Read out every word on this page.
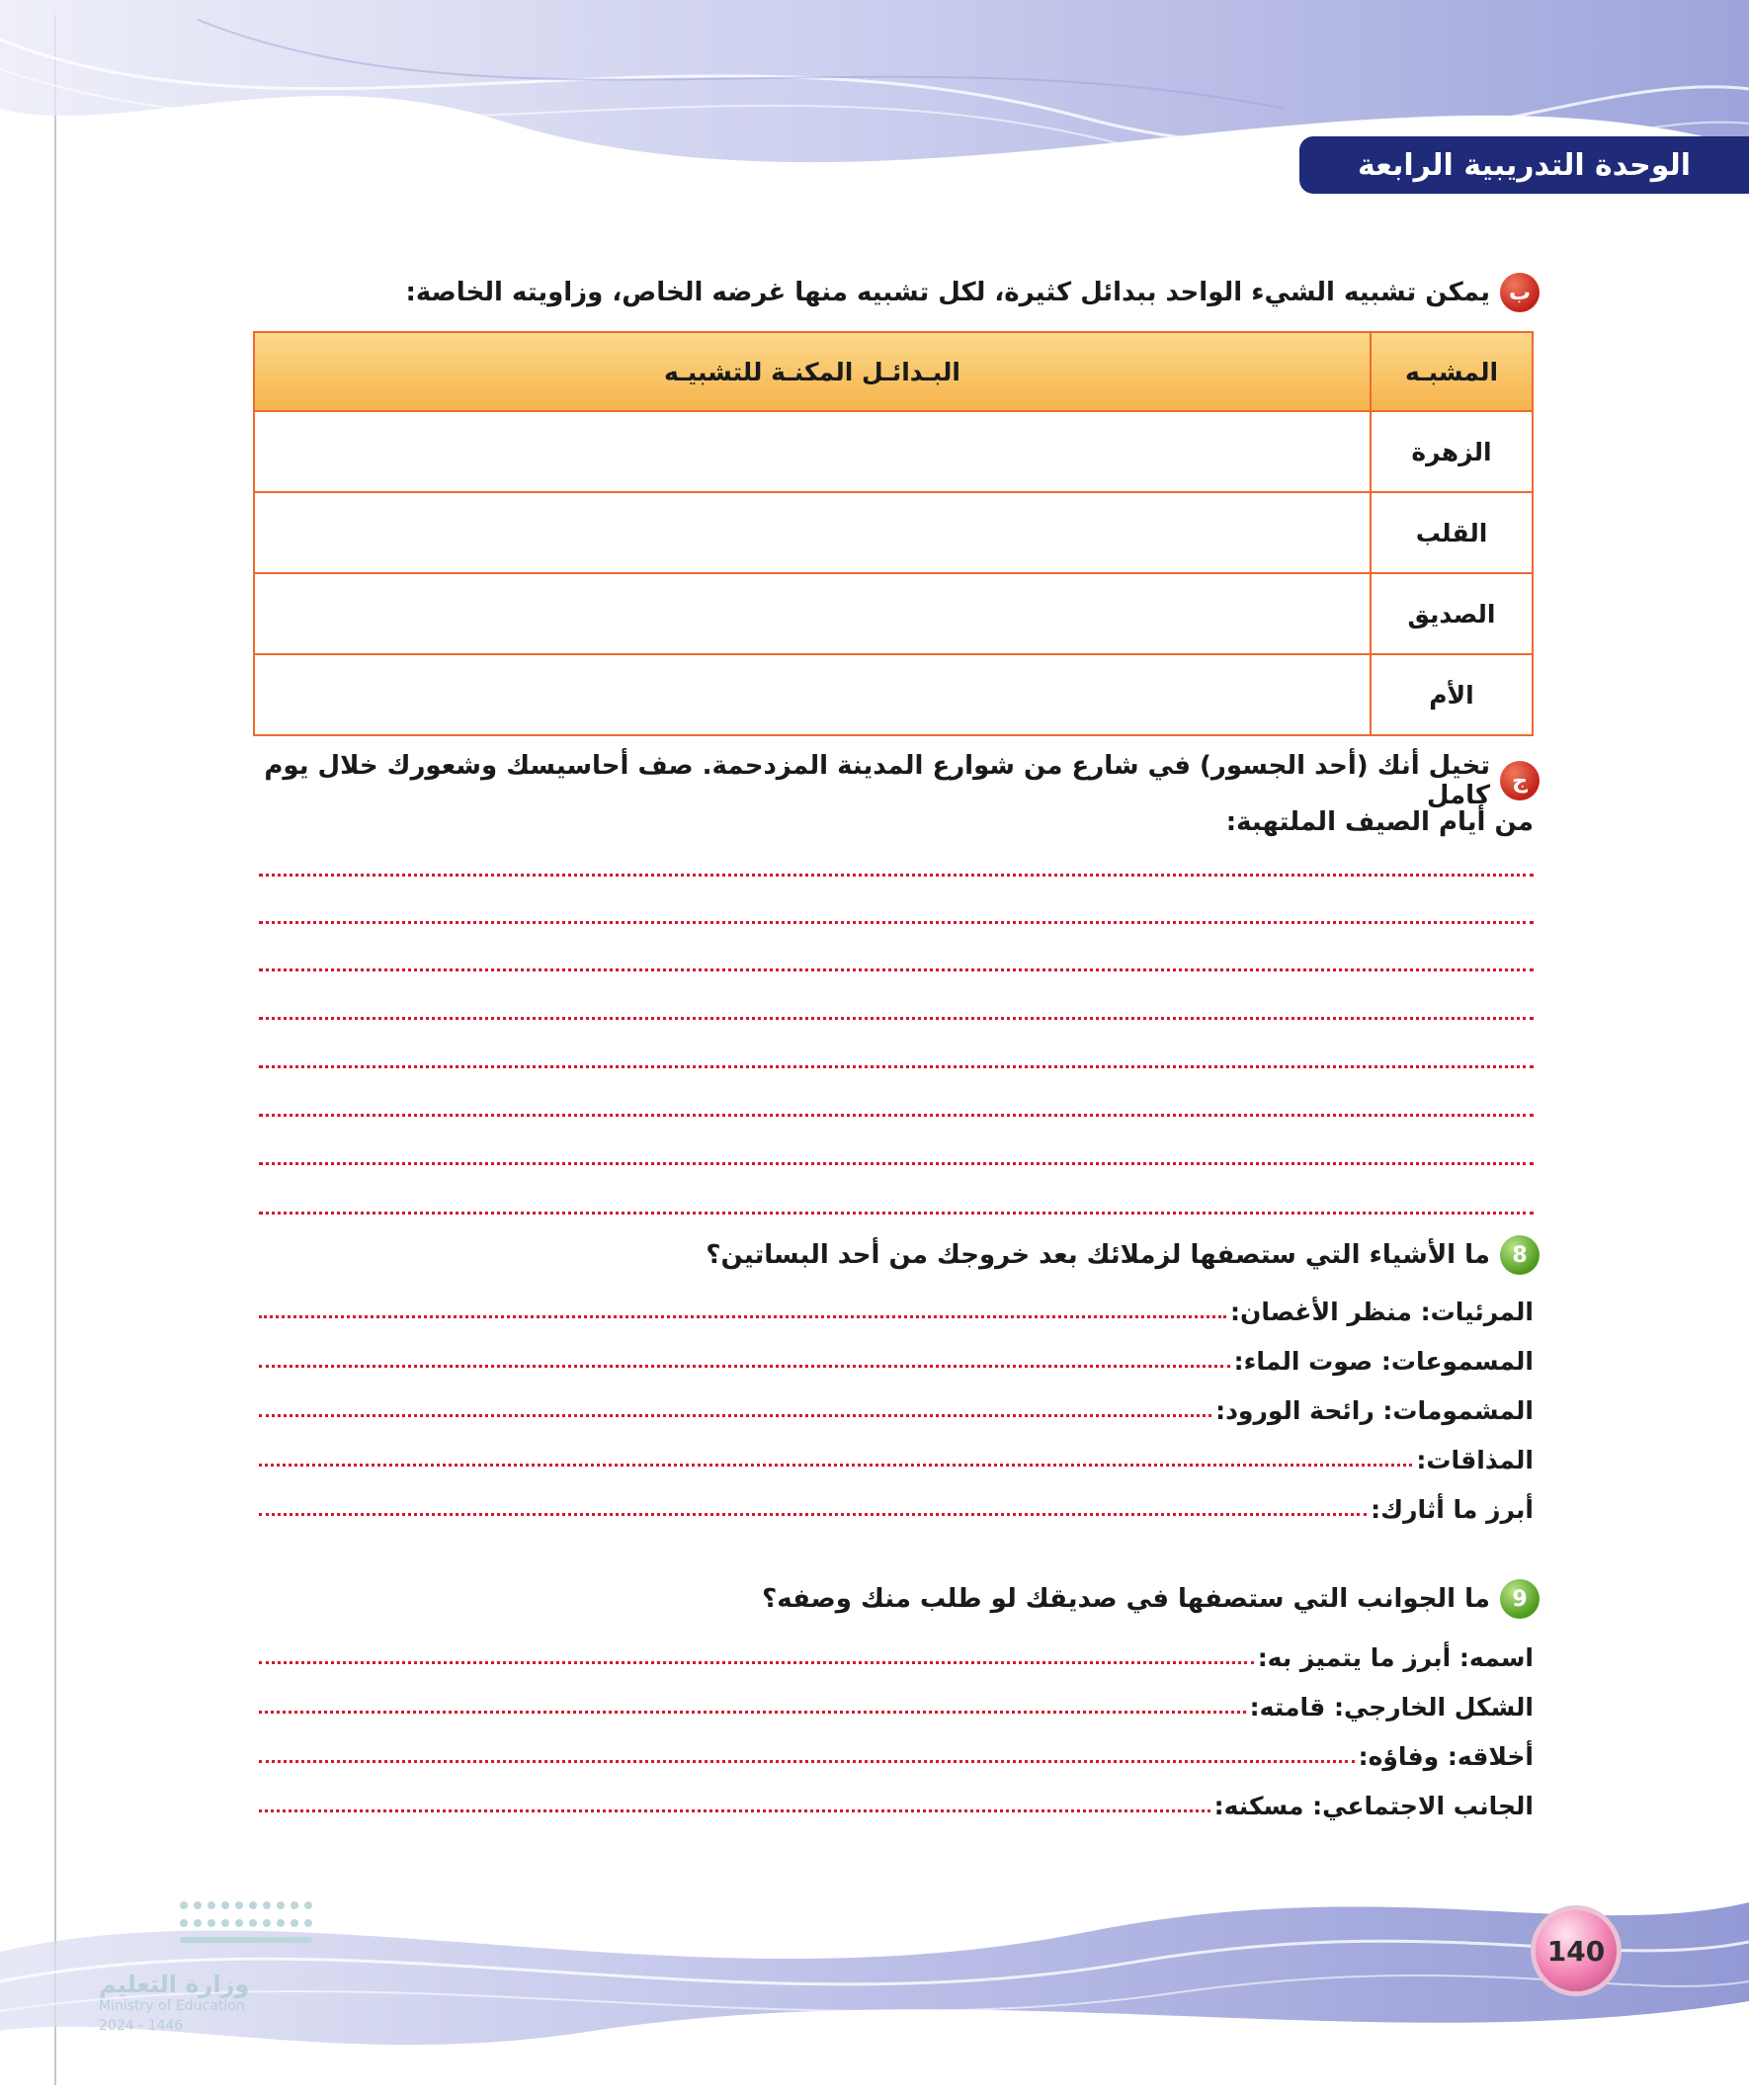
الوحدة التدريبية الرابعة
ب
يمكن تشبيه الشيء الواحد ببدائل كثيرة، لكل تشبيه منها غرضه الخاص، وزاويته الخاصة:
المشبـه	البـدائـل المكنـة للتشبيـه
الزهرة	
القلب	
الصديق	
الأم	
ج
تخيل أنك (أحد الجسور) في شارع من شوارع المدينة المزدحمة. صف أحاسيسك وشعورك خلال يوم كامل
من أيام الصيف الملتهبة:
8
ما الأشياء التي ستصفها لزملائك بعد خروجك من أحد البساتين؟
المرئيات: منظر الأغصان:
المسموعات: صوت الماء:
المشمومات: رائحة الورود:
المذاقات:
أبرز ما أثارك:
9
ما الجوانب التي ستصفها في صديقك لو طلب منك وصفه؟
اسمه: أبرز ما يتميز به:
الشكل الخارجي: قامته:
أخلاقه: وفاؤه:
الجانب الاجتماعي: مسكنه:
140
وزارة التعليم
Ministry of Education
2024 - 1446
